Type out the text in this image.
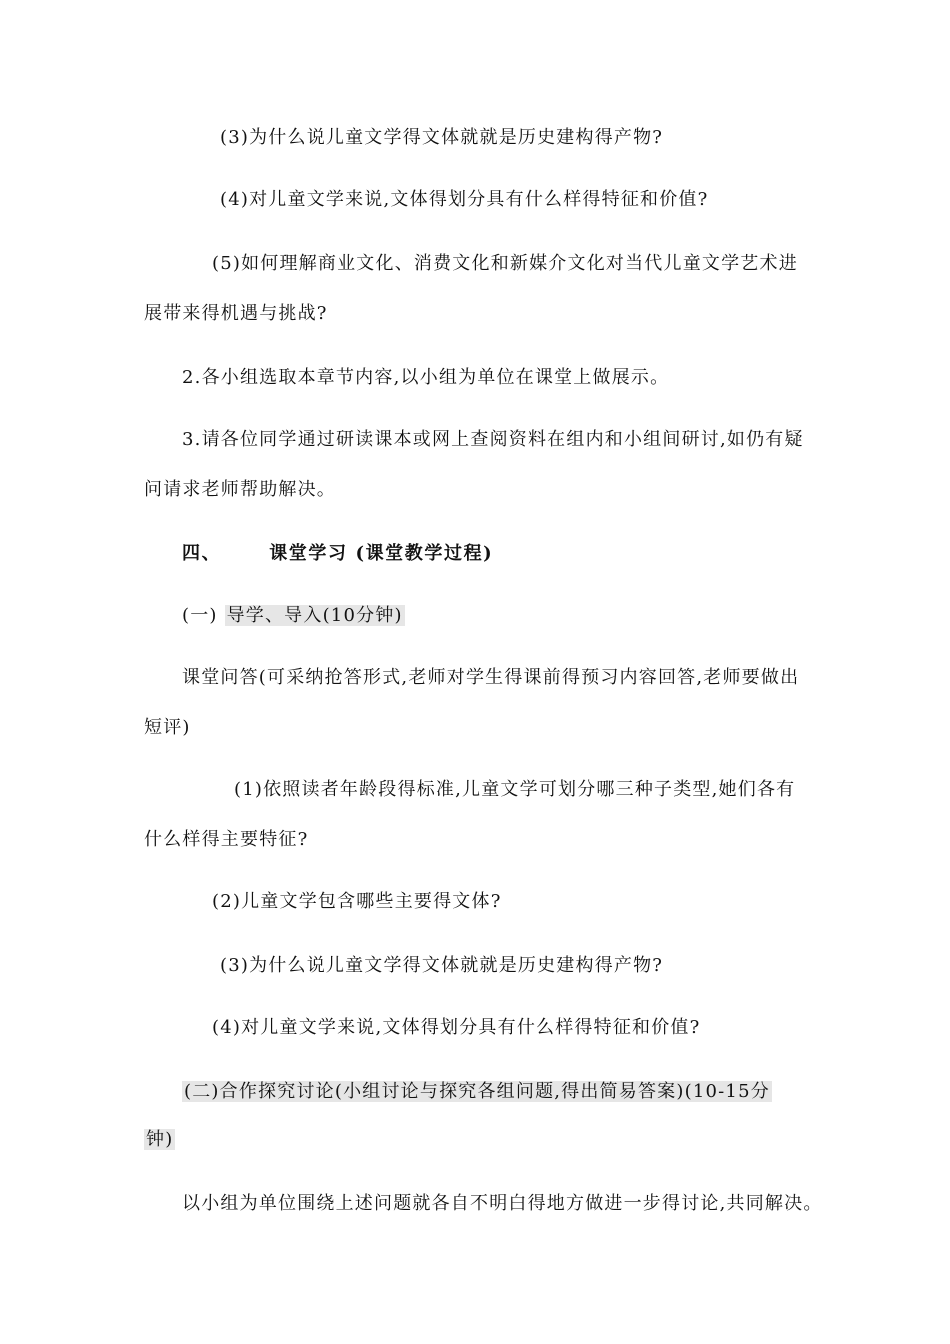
(3)为什么说儿童文学得文体就就是历史建构得产物?
(4)对儿童文学来说,文体得划分具有什么样得特征和价值?
(5)如何理解商业文化、消费文化和新媒介文化对当代儿童文学艺术进
展带来得机遇与挑战?
2.各小组选取本章节内容,以小组为单位在课堂上做展示。
3.请各位同学通过研读课本或网上查阅资料在组内和小组间研讨,如仍有疑
问请求老师帮助解决。
四、	课堂学习 (课堂教学过程)
(一) 导学、导入(10分钟)
课堂问答(可采纳抢答形式,老师对学生得课前得预习内容回答,老师要做出
短评)
(1)依照读者年龄段得标准,儿童文学可划分哪三种子类型,她们各有
什么样得主要特征?
(2)儿童文学包含哪些主要得文体?
(3)为什么说儿童文学得文体就就是历史建构得产物?
(4)对儿童文学来说,文体得划分具有什么样得特征和价值?
(二)合作探究讨论(小组讨论与探究各组问题,得出简易答案)(10-15分
钟)
以小组为单位围绕上述问题就各自不明白得地方做进一步得讨论,共同解决。
